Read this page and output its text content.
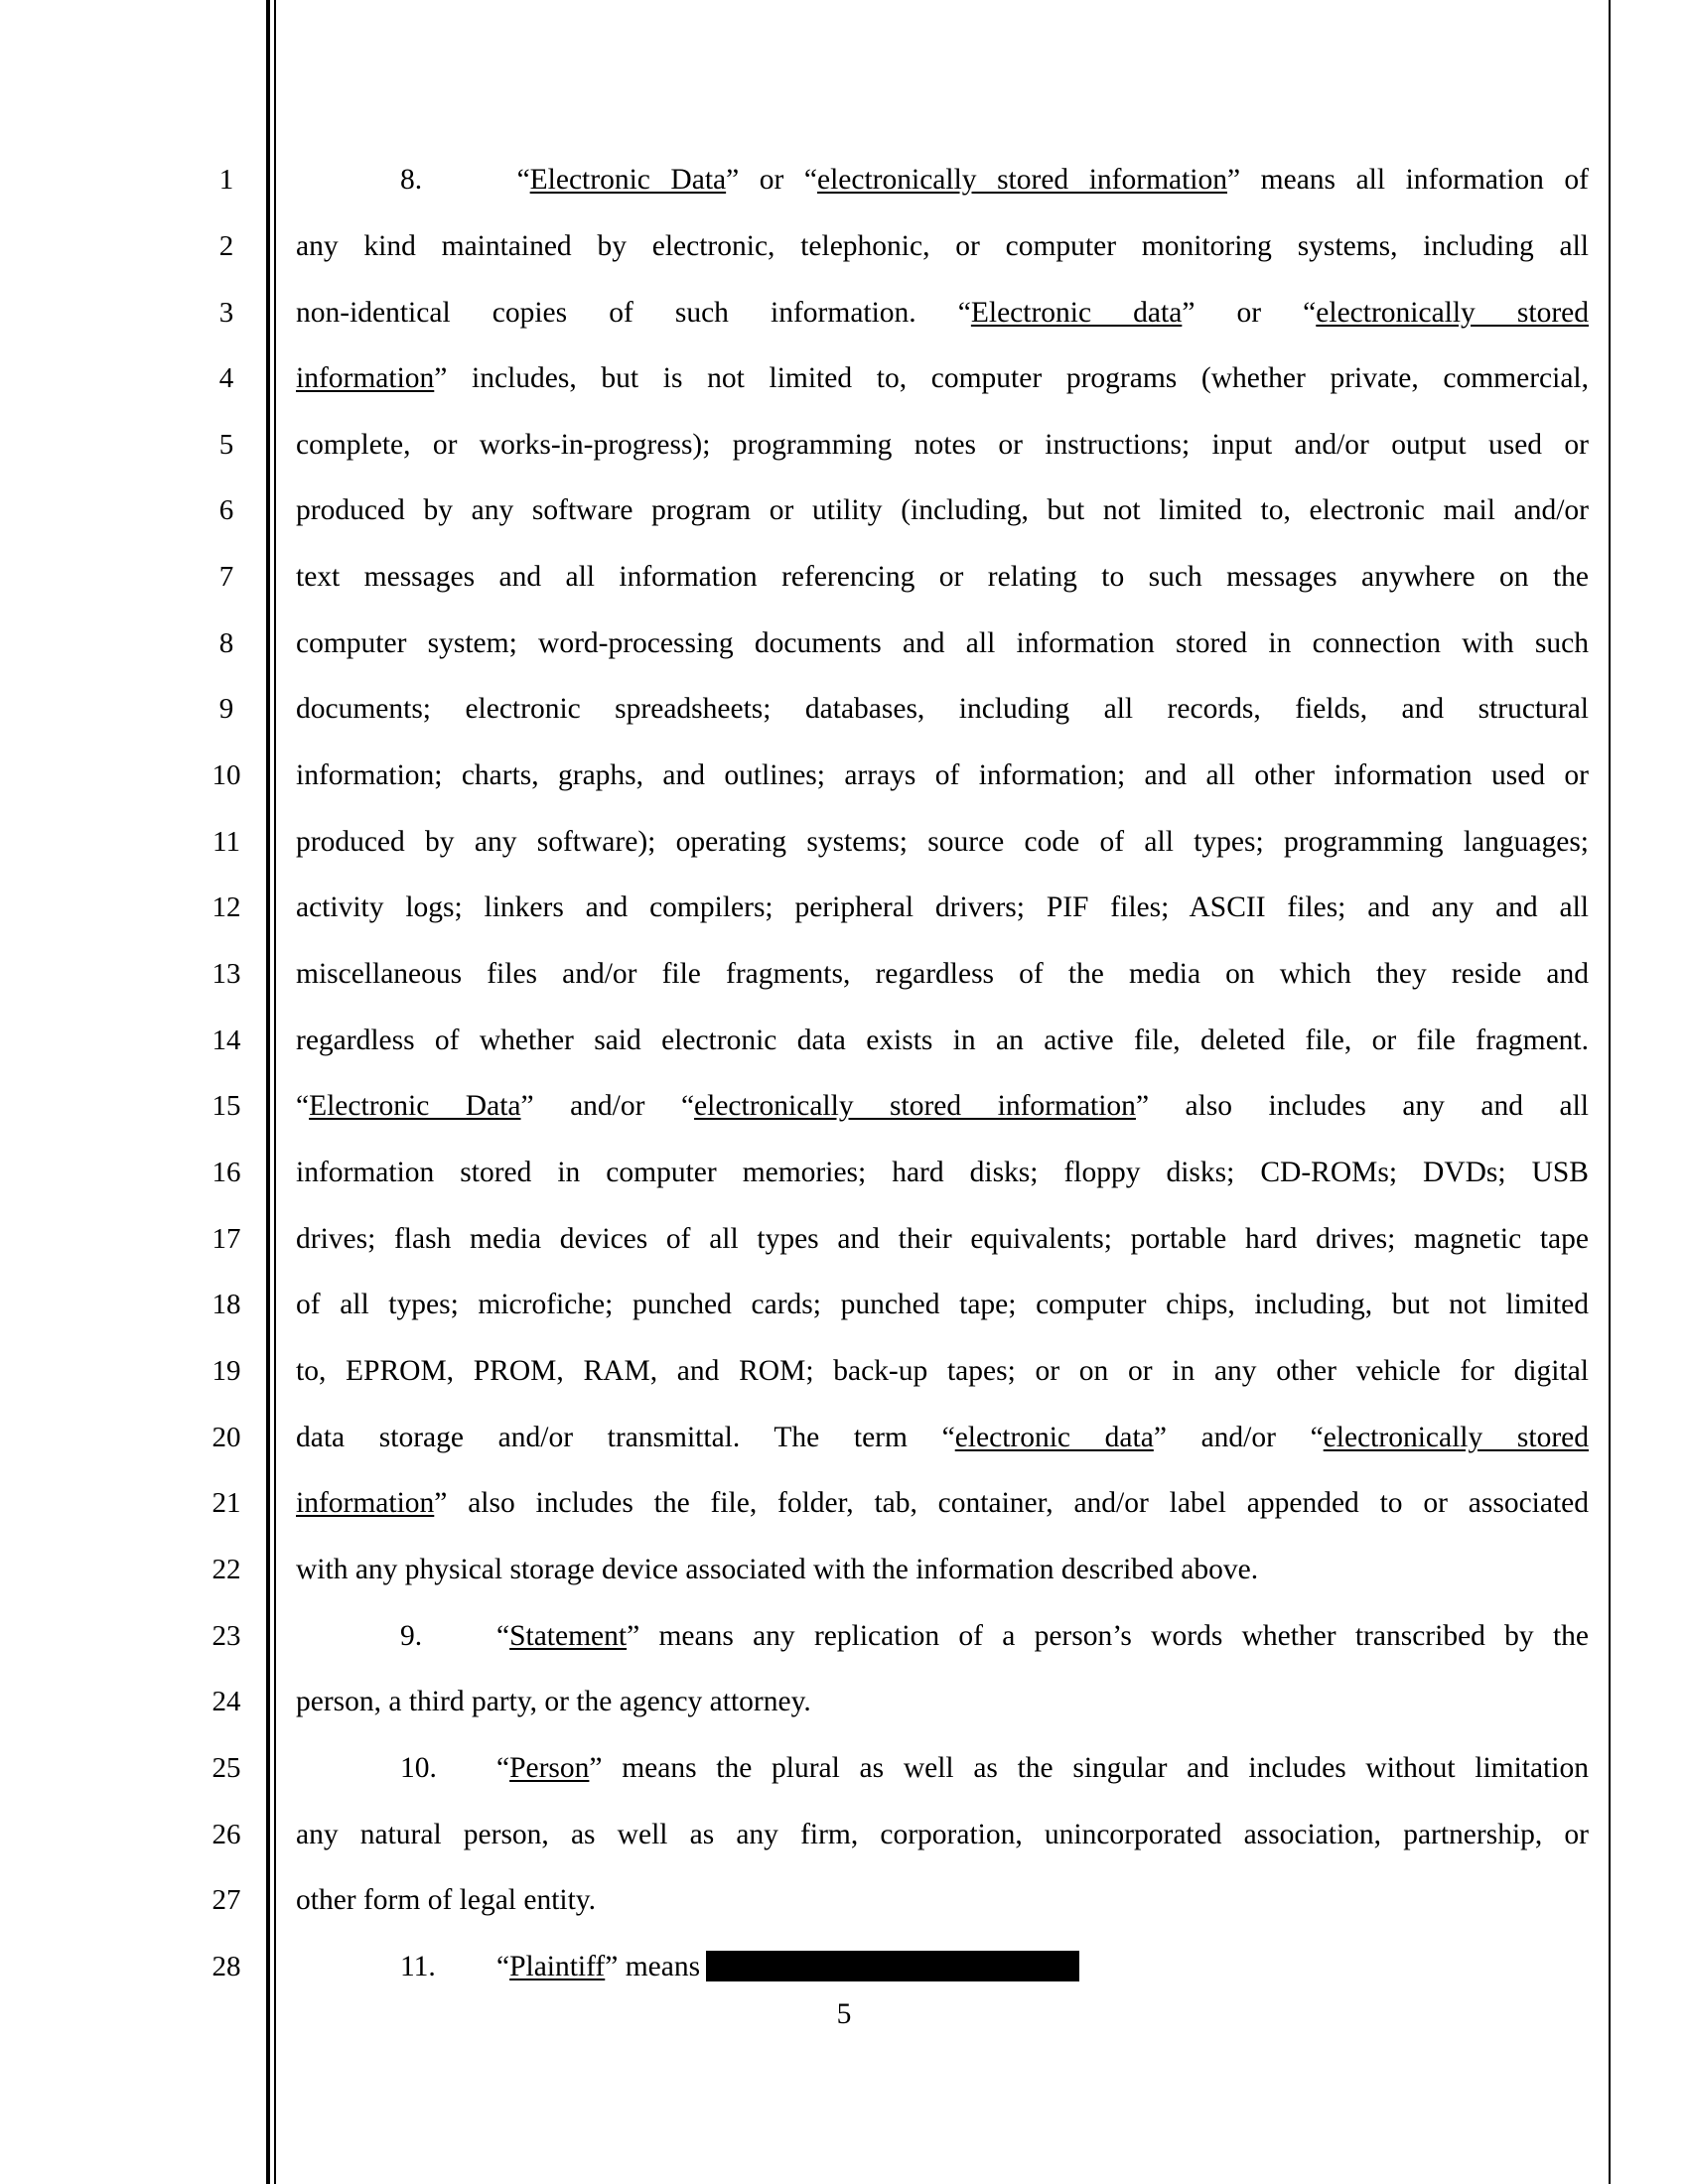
1
2
3
4
5
6
7
8
9
10
11
12
13
14
15
16
17
18
19
20
21
22
23
24
25
26
27
28
8.	“Electronic Data” or “electronically stored information” means all information of
any kind maintained by electronic, telephonic, or computer monitoring systems, including all
non-identical copies of such information. “Electronic data” or “electronically stored
information” includes, but is not limited to, computer programs (whether private, commercial,
complete, or works-in-progress); programming notes or instructions; input and/or output used or
produced by any software program or utility (including, but not limited to, electronic mail and/or
text messages and all information referencing or relating to such messages anywhere on the
computer system; word-processing documents and all information stored in connection with such
documents; electronic spreadsheets; databases, including all records, fields, and structural
information; charts, graphs, and outlines; arrays of information; and all other information used or
produced by any software); operating systems; source code of all types; programming languages;
activity logs; linkers and compilers; peripheral drivers; PIF files; ASCII files; and any and all
miscellaneous files and/or file fragments, regardless of the media on which they reside and
regardless of whether said electronic data exists in an active file, deleted file, or file fragment.
“Electronic Data” and/or “electronically stored information” also includes any and all
information stored in computer memories; hard disks; floppy disks; CD-ROMs; DVDs; USB
drives; flash media devices of all types and their equivalents; portable hard drives; magnetic tape
of all types; microfiche; punched cards; punched tape; computer chips, including, but not limited
to, EPROM, PROM, RAM, and ROM; back-up tapes; or on or in any other vehicle for digital
data storage and/or transmittal. The term “electronic data” and/or “electronically stored
information” also includes the file, folder, tab, container, and/or label appended to or associated
with any physical storage device associated with the information described above.
9.	“Statement” means any replication of a person’s words whether transcribed by the
person, a third party, or the agency attorney.
10. “Person” means the plural as well as the singular and includes without limitation
any natural person, as well as any firm, corporation, unincorporated association, partnership, or
other form of legal entity.
11. “Plaintiff” means
5
